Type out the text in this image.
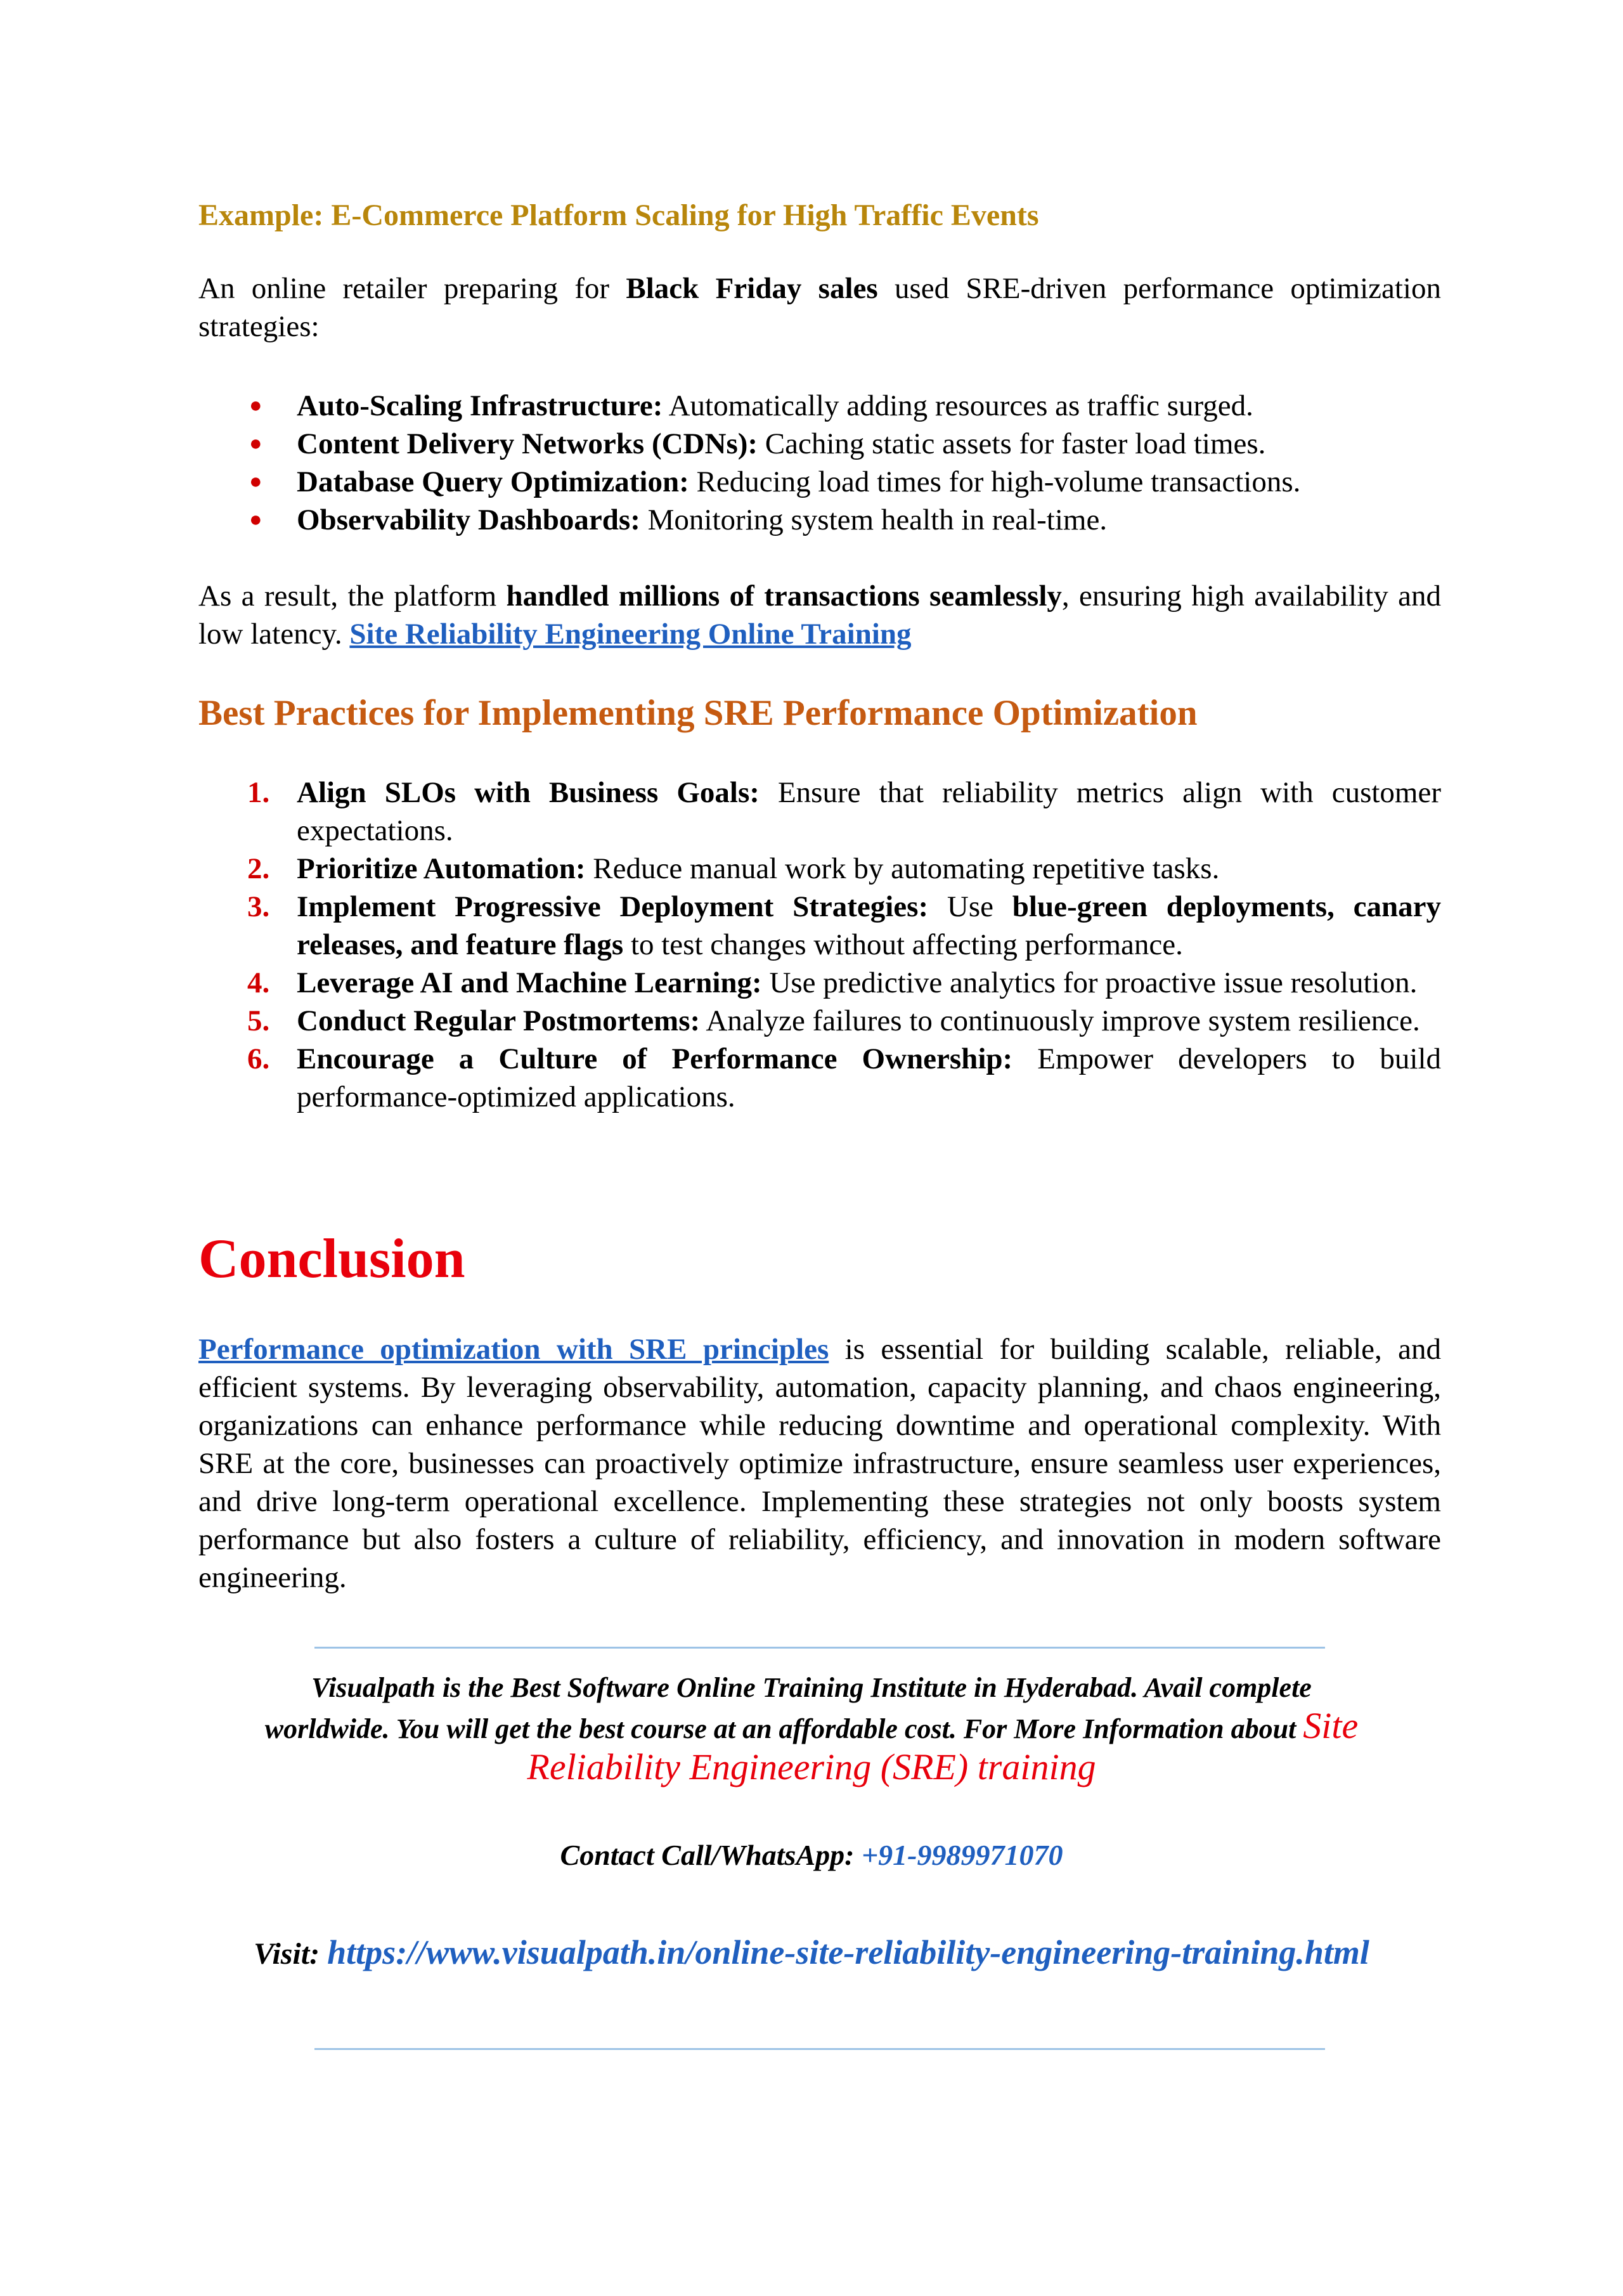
Example: E-Commerce Platform Scaling for High Traffic Events
An online retailer preparing for Black Friday sales used SRE-driven performance optimization strategies:
● Auto-Scaling Infrastructure: Automatically adding resources as traffic surged.
● Content Delivery Networks (CDNs): Caching static assets for faster load times.
● Database Query Optimization: Reducing load times for high-volume transactions.
● Observability Dashboards: Monitoring system health in real-time.
As a result, the platform handled millions of transactions seamlessly, ensuring high availability and low latency. Site Reliability Engineering Online Training
Best Practices for Implementing SRE Performance Optimization
1. Align SLOs with Business Goals: Ensure that reliability metrics align with customer expectations.
2. Prioritize Automation: Reduce manual work by automating repetitive tasks.
3. Implement Progressive Deployment Strategies: Use blue-green deployments, canary releases, and feature flags to test changes without affecting performance.
4. Leverage AI and Machine Learning: Use predictive analytics for proactive issue resolution.
5. Conduct Regular Postmortems: Analyze failures to continuously improve system resilience.
6. Encourage a Culture of Performance Ownership: Empower developers to build performance-optimized applications.
Conclusion
Performance optimization with SRE principles is essential for building scalable, reliable, and efficient systems. By leveraging observability, automation, capacity planning, and chaos engineering, organizations can enhance performance while reducing downtime and operational complexity. With SRE at the core, businesses can proactively optimize infrastructure, ensure seamless user experiences, and drive long-term operational excellence. Implementing these strategies not only boosts system performance but also fosters a culture of reliability, efficiency, and innovation in modern software engineering.
Visualpath is the Best Software Online Training Institute in Hyderabad. Avail complete worldwide. You will get the best course at an affordable cost. For More Information about Site Reliability Engineering (SRE) training
Contact Call/WhatsApp: +91-9989971070
Visit: https://www.visualpath.in/online-site-reliability-engineering-training.html
